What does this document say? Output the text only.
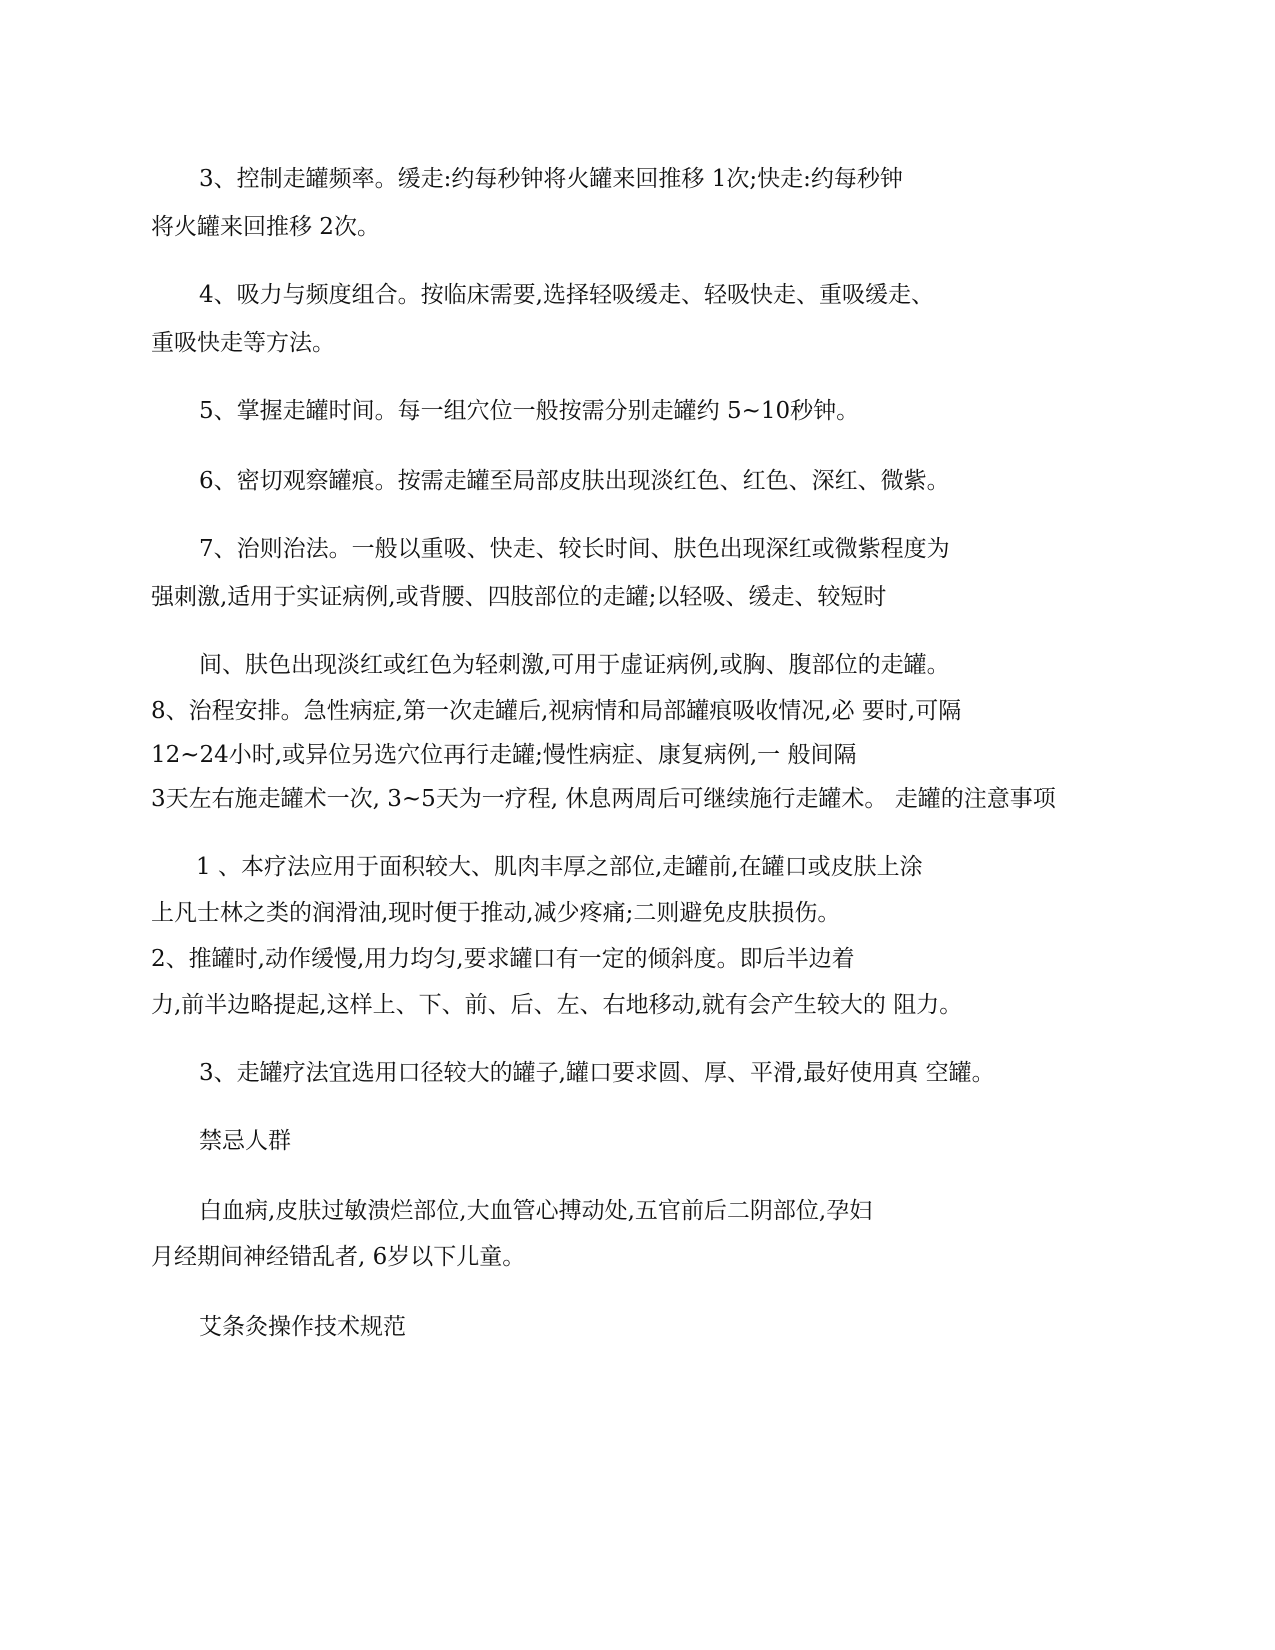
3、控制走罐频率。缓走:约每秒钟将火罐来回推移 1次;快走:约每秒钟
将火罐来回推移 2次。
4、吸力与频度组合。按临床需要,选择轻吸缓走、轻吸快走、重吸缓走、
重吸快走等方法。
5、掌握走罐时间。每一组穴位一般按需分别走罐约 5~10秒钟。
6、密切观察罐痕。按需走罐至局部皮肤出现淡红色、红色、深红、微紫。
7、治则治法。一般以重吸、快走、较长时间、肤色出现深红或微紫程度为
强刺激,适用于实证病例,或背腰、四肢部位的走罐;以轻吸、缓走、较短时
间、肤色出现淡红或红色为轻刺激,可用于虚证病例,或胸、腹部位的走罐。
8、治程安排。急性病症,第一次走罐后,视病情和局部罐痕吸收情况,必 要时,可隔
12~24小时,或异位另选穴位再行走罐;慢性病症、康复病例,一 般间隔
3天左右施走罐术一次, 3~5天为一疗程, 休息两周后可继续施行走罐术。 走罐的注意事项
1 、本疗法应用于面积较大、肌肉丰厚之部位,走罐前,在罐口或皮肤上涂
上凡士林之类的润滑油,现时便于推动,减少疼痛;二则避免皮肤损伤。
2、推罐时,动作缓慢,用力均匀,要求罐口有一定的倾斜度。即后半边着
力,前半边略提起,这样上、下、前、后、左、右地移动,就有会产生较大的 阻力。
3、走罐疗法宜选用口径较大的罐子,罐口要求圆、厚、平滑,最好使用真 空罐。
禁忌人群
白血病,皮肤过敏溃烂部位,大血管心搏动处,五官前后二阴部位,孕妇
月经期间神经错乱者, 6岁以下儿童。
艾条灸操作技术规范
